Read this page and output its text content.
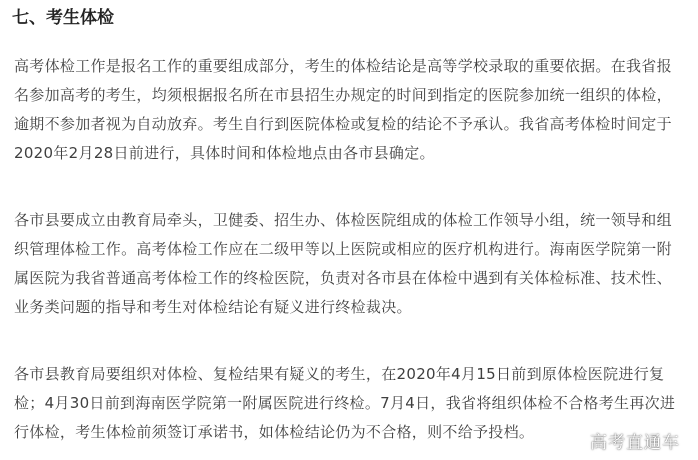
七、考生体检
高考体检工作是报名工作的重要组成部分，考生的体检结论是高等学校录取的重要依据。在我省报
名参加高考的考生，均须根据报名所在市县招生办规定的时间到指定的医院参加统一组织的体检，
逾期不参加者视为自动放弃。考生自行到医院体检或复检的结论不予承认。我省高考体检时间定于
2020年2月28日前进行，具体时间和体检地点由各市县确定。
各市县要成立由教育局牵头，卫健委、招生办、体检医院组成的体检工作领导小组，统一领导和组
织管理体检工作。高考体检工作应在二级甲等以上医院或相应的医疗机构进行。海南医学院第一附
属医院为我省普通高考体检工作的终检医院，负责对各市县在体检中遇到有关体检标准、技术性、
业务类问题的指导和考生对体检结论有疑义进行终检裁决。
各市县教育局要组织对体检、复检结果有疑义的考生，在2020年4月15日前到原体检医院进行复
检；4月30日前到海南医学院第一附属医院进行终检。7月4日，我省将组织体检不合格考生再次进
行体检，考生体检前须签订承诺书，如体检结论仍为不合格，则不给予投档。
高考直通车
